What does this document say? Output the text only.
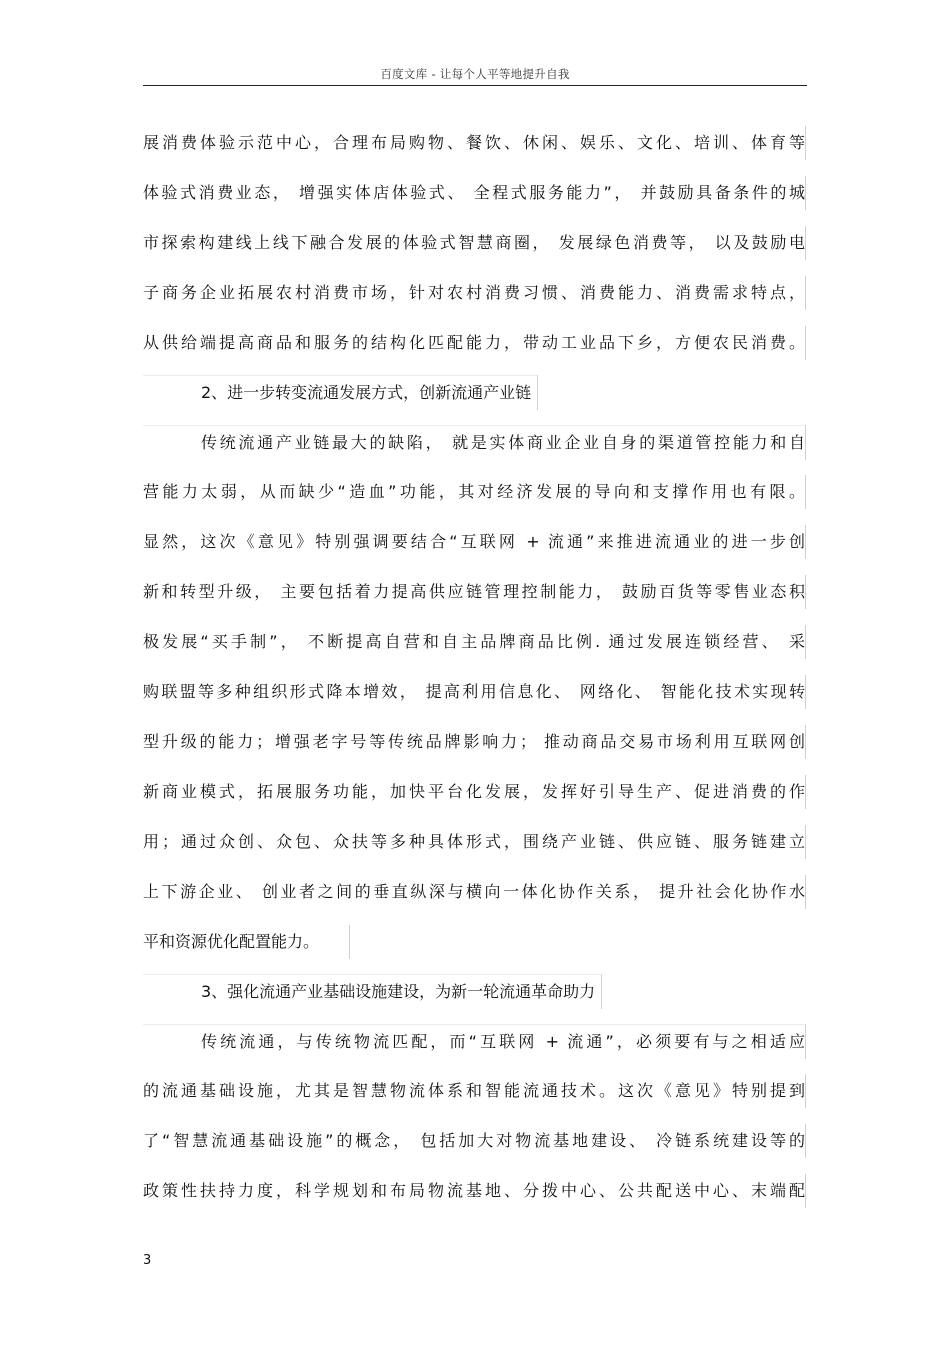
百度文库 - 让每个人平等地提升自我
展消费体验示范中心，合理布局购物、餐饮、休闲、娱乐、文化、培训、体育等
体验式消费业态， 增强实体店体验式、 全程式服务能力”， 并鼓励具备条件的城
市探索构建线上线下融合发展的体验式智慧商圈， 发展绿色消费等， 以及鼓励电
子商务企业拓展农村消费市场，针对农村消费习惯、消费能力、消费需求特点，
从供给端提高商品和服务的结构化匹配能力，带动工业品下乡，方便农民消费。
2、进一步转变流通发展方式，创新流通产业链
传统流通产业链最大的缺陷， 就是实体商业企业自身的渠道管控能力和自
营能力太弱，从而缺少“造血”功能，其对经济发展的导向和支撑作用也有限。
显然，这次《意见》特别强调要结合“互联网 + 流通”来推进流通业的进一步创
新和转型升级， 主要包括着力提高供应链管理控制能力， 鼓励百货等零售业态积
极发展“买手制”， 不断提高自营和自主品牌商品比例. 通过发展连锁经营、 采
购联盟等多种组织形式降本增效， 提高利用信息化、 网络化、 智能化技术实现转
型升级的能力；增强老字号等传统品牌影响力； 推动商品交易市场利用互联网创
新商业模式，拓展服务功能，加快平台化发展，发挥好引导生产、促进消费的作
用；通过众创、众包、众扶等多种具体形式，围绕产业链、供应链、服务链建立
上下游企业、 创业者之间的垂直纵深与横向一体化协作关系， 提升社会化协作水
平和资源优化配置能力。
3、强化流通产业基础设施建设，为新一轮流通革命助力
传统流通，与传统物流匹配，而“互联网 + 流通”，必须要有与之相适应
的流通基础设施，尤其是智慧物流体系和智能流通技术。这次《意见》特别提到
了“智慧流通基础设施”的概念， 包括加大对物流基地建设、 冷链系统建设等的
政策性扶持力度，科学规划和布局物流基地、分拨中心、公共配送中心、末端配
3
